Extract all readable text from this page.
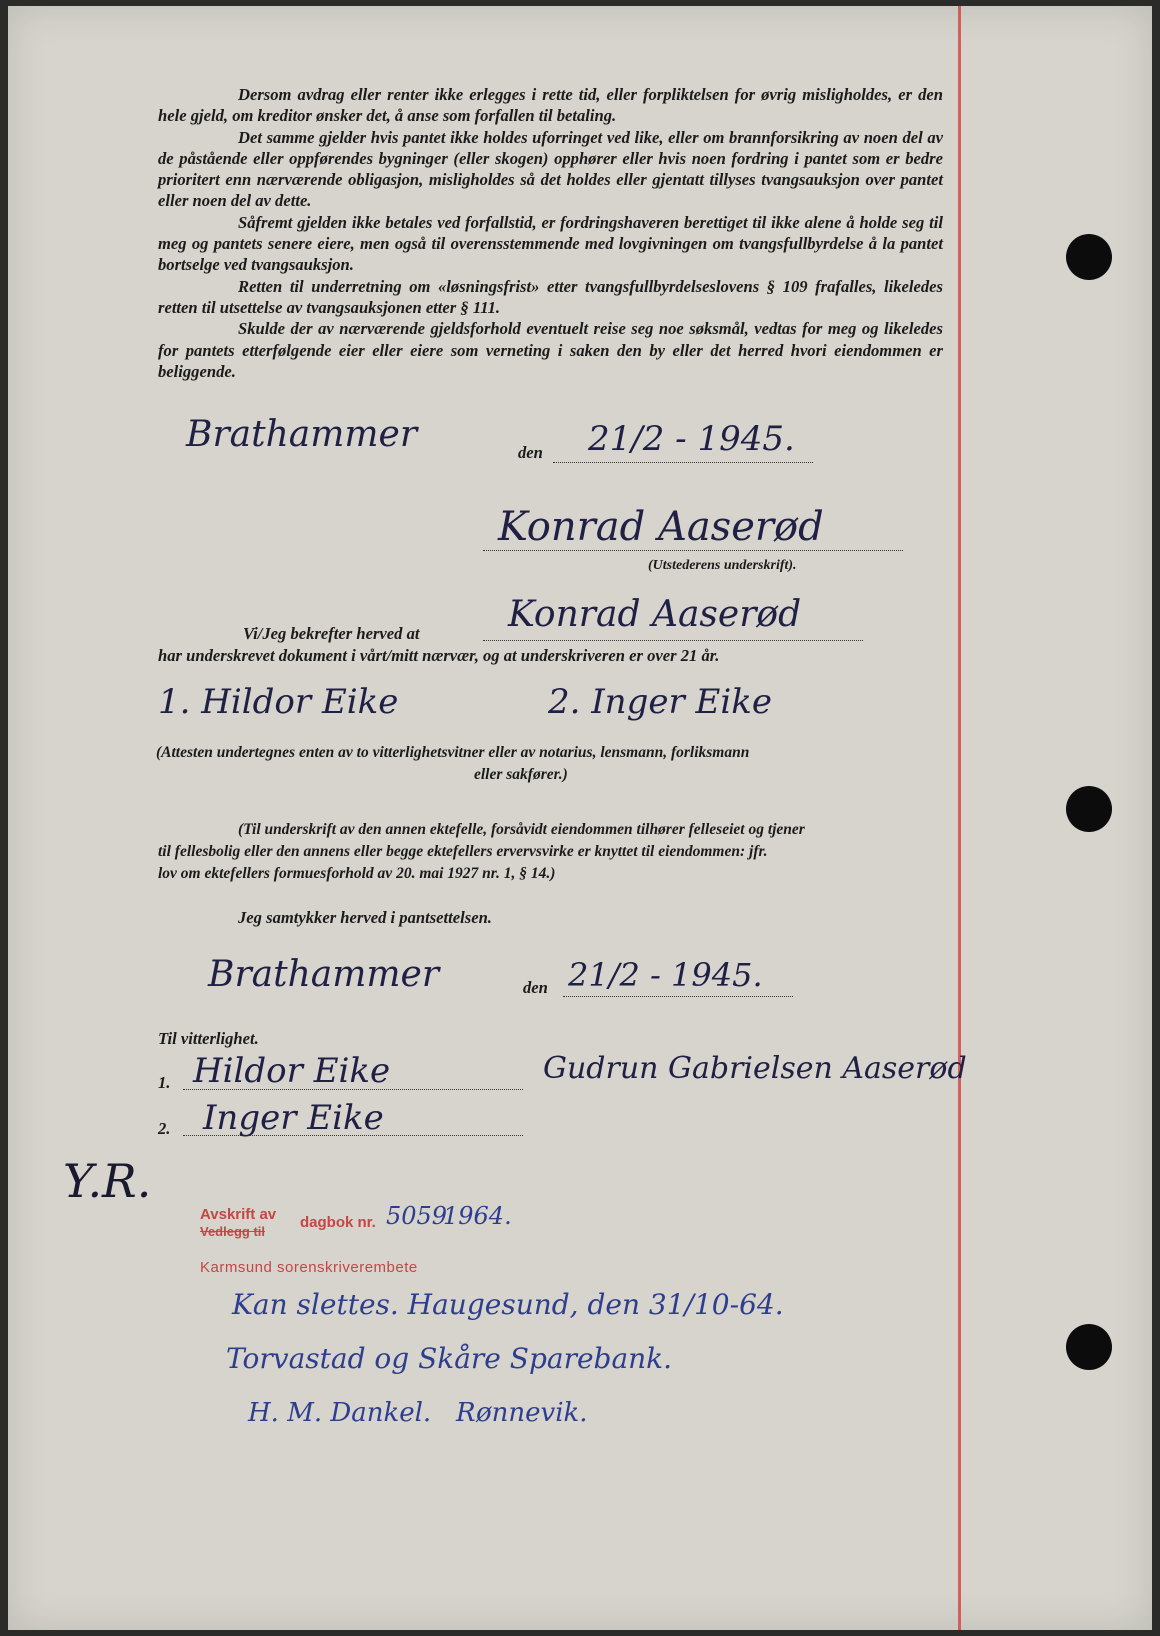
Dersom avdrag eller renter ikke erlegges i rette tid, eller forpliktelsen for øvrig misligholdes, er den hele gjeld, om kreditor ønsker det, å anse som forfallen til betaling.

Det samme gjelder hvis pantet ikke holdes uforringet ved like, eller om brannforsikring av noen del av de påstående eller oppførendes bygninger (eller skogen) opphører eller hvis noen fordring i pantet som er bedre prioritert enn nærværende obligasjon, misligholdes så det holdes eller gjentatt tillyses tvangsauksjon over pantet eller noen del av dette.

Såfremt gjelden ikke betales ved forfallstid, er fordringshaveren berettiget til ikke alene å holde seg til meg og pantets senere eiere, men også til overensstemmende med lovgivningen om tvangsfullbyrdelse å la pantet bortselge ved tvangsauksjon.

Retten til underretning om «løsningsfrist» etter tvangsfullbyrdelseslovens § 109 frafalles, likeledes retten til utsettelse av tvangsauksjonen etter § 111.

Skulde der av nærværende gjeldsforhold eventuelt reise seg noe søksmål, vedtas for meg og likeledes for pantets etterfølgende eier eller eiere som verneting i saken den by eller det herred hvori eiendommen er beliggende.

Brathammer	den 21/2 - 1945.
Konrad Aaserød
(Utstederens underskrift).
Vi/Jeg bekrefter herved at Konrad Aaserød
har underskrevet dokument i vårt/mitt nærvær, og at underskriveren er over 21 år.
1. Hildor Eike	2. Inger Eike
(Attesten undertegnes enten av to vitterlighetsvitner eller av notarius, lensmann, forliksmann
eller sakfører.)
(Til underskrift av den annen ektefelle, forsåvidt eiendommen tilhører felleseiet og tjener
til fellesbolig eller den annens eller begge ektefellers ervervsvirke er knyttet til eiendommen: jfr.
lov om ektefellers formuesforhold av 20. mai 1927 nr. 1, § 14.)
Jeg samtykker herved i pantsettelsen.
Brathammer	den 21/2 - 1945.
Til vitterlighet.
1. Hildor Eike	Gudrun Gabrielsen Aaserød
2. Inger Eike
Y.R.
Avskrift av
Vedlegg til
dagbok nr. 5059
1964.
Karmsund sorenskriverembete
Kan slettes. Haugesund, den 31/10-64.
Torvastad og Skåre Sparebank.
H. M. Dankel.   Rønnevik.
